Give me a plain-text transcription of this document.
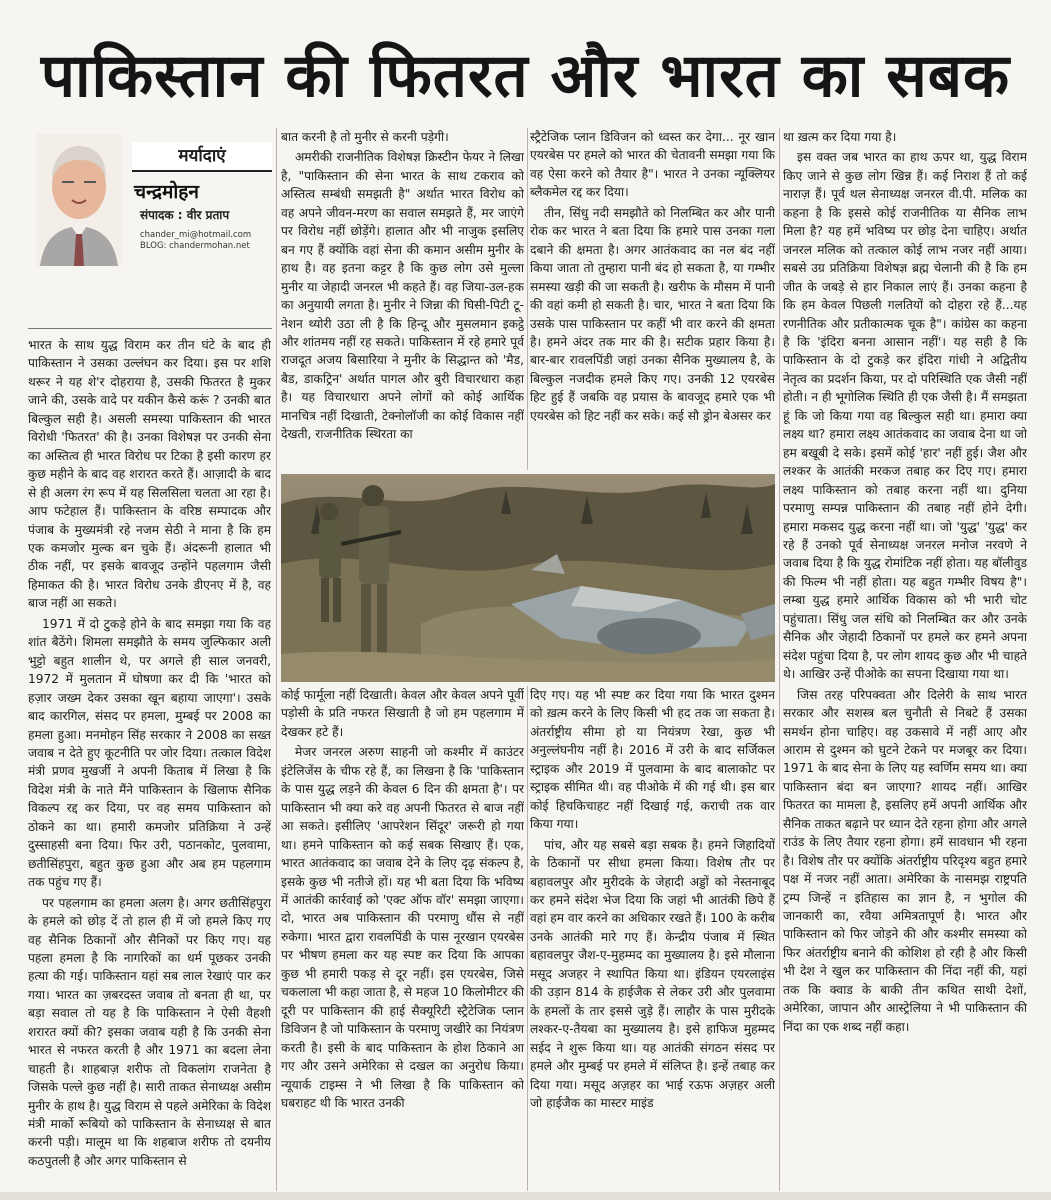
पाकिस्तान की फितरत और भारत का सबक
मर्यादाएं
चन्द्रमोहन
संपादक : वीर प्रताप
chander_mi@hotmail.com
BLOG: chandermohan.net

भारत के साथ युद्ध विराम कर तीन घंटे के बाद ही पाकिस्तान ने उसका उल्लंघन कर दिया। इस पर शशि थरूर ने यह शे'र दोहराया है, उसकी फितरत है मुकर जाने की, उसके वादे पर यकीन कैसे करूं ? उनकी बात बिल्कुल सही है। असली समस्या पाकिस्तान की भारत विरोधी 'फितरत' की है। उनका विशेषज्ञ पर उनकी सेना का अस्तित्व ही भारत विरोध पर टिका है इसी कारण हर कुछ महीने के बाद वह शरारत करते हैं। आज़ादी के बाद से ही अलग रंग रूप में यह सिलसिला चलता आ रहा है। आप फटेहाल हैं। पाकिस्तान के वरिष्ठ सम्पादक और पंजाब के मुख्यमंत्री रहे नजम सेठी ने माना है कि हम एक कमजोर मुल्क बन चुके हैं। अंदरूनी हालात भी ठीक नहीं, पर इसके बावजूद उन्होंने पहलगाम जैसी हिमाकत की है। भारत विरोध उनके डीएनए में है, वह बाज नहीं आ सकते।

1971 में दो टुकड़े होने के बाद समझा गया कि वह शांत बैठेंगे। शिमला समझौते के समय जुल्फिकार अली भुट्टो बहुत शालीन थे, पर अगले ही साल जनवरी, 1972 में मुलतान में घोषणा कर दी कि 'भारत को हज़ार जख्म देकर उसका खून बहाया जाएगा'। उसके बाद कारगिल, संसद पर हमला, मुम्बई पर 2008 का हमला हुआ। मनमोहन सिंह सरकार ने 2008 का सख्त जवाब न देते हुए कूटनीति पर जोर दिया। तत्काल विदेश मंत्री प्रणव मुखर्जी ने अपनी किताब में लिखा है कि विदेश मंत्री के नाते मैंने पाकिस्तान के खिलाफ सैनिक विकल्प रद्द कर दिया, पर वह समय पाकिस्तान को ठोकने का था। हमारी कमजोर प्रतिक्रिया ने उन्हें दुस्साहसी बना दिया। फिर उरी, पठानकोट, पुलवामा, छतीसिंहपुरा, बहुत कुछ हुआ और अब हम पहलगाम तक पहुंच गए हैं।

पर पहलगाम का हमला अलग है। अगर छतीसिंहपुरा के हमले को छोड़ दें तो हाल ही में जो हमले किए गए वह सैनिक ठिकानों और सैनिकों पर किए गए। यह पहला हमला है कि नागरिकों का धर्म पूछकर उनकी हत्या की गई। पाकिस्तान यहां सब लाल रेखाएं पार कर गया। भारत का ज़बरदस्त जवाब तो बनता ही था, पर बड़ा सवाल तो यह है कि पाकिस्तान ने ऐसी वैहशी शरारत क्यों की? इसका जवाब यही है कि उनकी सेना भारत से नफरत करती है और 1971 का बदला लेना चाहती है। शाहबाज़ शरीफ तो विकलांग राजनेता है जिसके पल्ले कुछ नहीं है। सारी ताकत सेनाध्यक्ष असीम मुनीर के हाथ है। युद्ध विराम से पहले अमेरिका के विदेश मंत्री मार्को रूबियो को पाकिस्तान के सेनाध्यक्ष से बात करनी पड़ी। मालूम था कि शहबाज शरीफ तो दयनीय कठपुतली है और अगर पाकिस्तान से

बात करनी है तो मुनीर से करनी पड़ेगी।

अमरीकी राजनीतिक विशेषज्ञ क्रिस्टीन फेयर ने लिखा है, "पाकिस्तान की सेना भारत के साथ टकराव को अस्तित्व सम्बंधी समझती है" अर्थात भारत विरोध को वह अपने जीवन-मरण का सवाल समझते हैं, मर जाएंगे पर विरोध नहीं छोड़ेंगे। हालात और भी नाजुक इसलिए बन गए हैं क्योंकि वहां सेना की कमान असीम मुनीर के हाथ है। वह इतना कट्टर है कि कुछ लोग उसे मुल्ला मुनीर या जेहादी जनरल भी कहते हैं। वह जिया-उल-हक का अनुयायी लगता है। मुनीर ने जिन्ना की घिसी-पिटी टू-नेशन थ्योरी उठा ली है कि हिन्दू और मुसलमान इकट्ठे और शांतमय नहीं रह सकते। पाकिस्तान में रहे हमारे पूर्व राजदूत अजय बिसारिया ने मुनीर के सिद्धान्त को 'मैड, बैड, डाकट्रिन' अर्थात पागल और बुरी विचारधारा कहा है। यह विचारधारा अपने लोगों को कोई आर्थिक मानचित्र नहीं दिखाती, टेक्नोलॉजी का कोई विकास नहीं देखती, राजनीतिक स्थिरता का

स्ट्रैटेजिक प्लान डिविजन को ध्वस्त कर देगा... नूर खान एयरबेस पर हमले को भारत की चेतावनी समझा गया कि वह ऐसा करने को तैयार है"। भारत ने उनका न्यूक्लियर ब्लैकमेल रद्द कर दिया।

तीन, सिंधु नदी समझौते को निलम्बित कर और पानी रोक कर भारत ने बता दिया कि हमारे पास उनका गला दबाने की क्षमता है। अगर आतंकवाद का नल बंद नहीं किया जाता तो तुम्हारा पानी बंद हो सकता है, या गम्भीर समस्या खड़ी की जा सकती है। खरीफ के मौसम में पानी की वहां कमी हो सकती है। चार, भारत ने बता दिया कि उसके पास पाकिस्तान पर कहीं भी वार करने की क्षमता है। हमने अंदर तक मार की है। सटीक प्रहार किया है। बार-बार रावलपिंडी जहां उनका सैनिक मुख्यालय है, के बिल्कुल नजदीक हमले किए गए। उनकी 12 एयरबेस हिट हुई हैं जबकि वह प्रयास के बावजूद हमारे एक भी एयरबेस को हिट नहीं कर सके। कई सौ ड्रोन बेअसर कर

कोई फार्मूला नहीं दिखाती। केवल और केवल अपने पूर्वी पड़ोसी के प्रति नफरत सिखाती है जो हम पहलगाम में देखकर हटे हैं।

मेजर जनरल अरुण साहनी जो कश्मीर में काउंटर इंटेलिजेंस के चीफ रहे हैं, का लिखना है कि 'पाकिस्तान के पास युद्ध लड़ने की केवल 6 दिन की क्षमता है'। पर पाकिस्तान भी क्या करे वह अपनी फितरत से बाज नहीं आ सकते। इसीलिए 'आपरेशन सिंदूर' जरूरी हो गया था। हमने पाकिस्तान को कई सबक सिखाए हैं। एक, भारत आतंकवाद का जवाब देने के लिए दृढ़ संकल्प है, इसके कुछ भी नतीजे हों। यह भी बता दिया कि भविष्य में आतंकी कार्रवाई को 'एक्ट ऑफ वॉर' समझा जाएगा। दो, भारत अब पाकिस्तान की परमाणु धौंस से नहीं रुकेगा। भारत द्वारा रावलपिंडी के पास नूरखान एयरबेस पर भीषण हमला कर यह स्पष्ट कर दिया कि आपका कुछ भी हमारी पकड़ से दूर नहीं। इस एयरबेस, जिसे चकलाला भी कहा जाता है, से महज 10 किलोमीटर की दूरी पर पाकिस्तान की हाई सैक्यूरिटी स्ट्रैटेजिक प्लान डिविजन है जो पाकिस्तान के परमाणु जखीरे का नियंत्रण करती है। इसी के बाद पाकिस्तान के होश ठिकाने आ गए और उसने अमेरिका से दखल का अनुरोध किया। न्यूयार्क टाइम्स ने भी लिखा है कि पाकिस्तान को घबराहट थी कि भारत उनकी

दिए गए। यह भी स्पष्ट कर दिया गया कि भारत दुश्मन को ख़त्म करने के लिए किसी भी हद तक जा सकता है। अंतर्राष्ट्रीय सीमा हो या नियंत्रण रेखा, कुछ भी अनुल्लंघनीय नहीं है। 2016 में उरी के बाद सर्जिकल स्ट्राइक और 2019 में पुलवामा के बाद बालाकोट पर स्ट्राइक सीमित थी। वह पीओके में की गई थी। इस बार कोई हिचकिचाहट नहीं दिखाई गई, कराची तक वार किया गया।

पांच, और यह सबसे बड़ा सबक है। हमने जिहादियों के ठिकानों पर सीधा हमला किया। विशेष तौर पर बहावलपुर और मुरीदके के जेहादी अड्डों को नेस्तनाबूद कर हमने संदेश भेज दिया कि जहां भी आतंकी छिपे हैं वहां हम वार करने का अधिकार रखते हैं। 100 के करीब उनके आतंकी मारे गए हैं। केन्द्रीय पंजाब में स्थित बहावलपुर जैश-ए-मुहम्मद का मुख्यालय है। इसे मौलाना मसूद अजहर ने स्थापित किया था। इंडियन एयरलाइंस की उड़ान 814 के हाईजैक से लेकर उरी और पुलवामा के हमलों के तार इससे जुड़े हैं। लाहौर के पास मुरीदके लश्कर-ए-तैयबा का मुख्यालय है। इसे हाफिज मुहम्मद सईद ने शुरू किया था। यह आतंकी संगठन संसद पर हमले और मुम्बई पर हमले में संलिप्त है। इन्हें तबाह कर दिया गया। मसूद अज़हर का भाई रऊफ अज़हर अली जो हाईजैक का मास्टर माइंड

था ख़त्म कर दिया गया है।

इस वक्त जब भारत का हाथ ऊपर था, युद्ध विराम किए जाने से कुछ लोग खिन्न हैं। कई निराश हैं तो कई नाराज़ हैं। पूर्व थल सेनाध्यक्ष जनरल वी.पी. मलिक का कहना है कि इससे कोई राजनीतिक या सैनिक लाभ मिला है? यह हमें भविष्य पर छोड़ देना चाहिए। अर्थात जनरल मलिक को तत्काल कोई लाभ नजर नहीं आया। सबसे उग्र प्रतिक्रिया विशेषज्ञ ब्रह्म चेलानी की है कि हम जीत के जबड़े से हार निकाल लाएं हैं। उनका कहना है कि हम केवल पिछली गलतियों को दोहरा रहे हैं...यह रणनीतिक और प्रतीकात्मक चूक है"। कांग्रेस का कहना है कि 'इंदिरा बनना आसान नहीं'। यह सही है कि पाकिस्तान के दो टुकड़े कर इंदिरा गांधी ने अद्वितीय नेतृत्व का प्रदर्शन किया, पर दो परिस्थिति एक जैसी नहीं होती। न ही भूगोलिक स्थिति ही एक जैसी है। मैं समझता हूं कि जो किया गया वह बिल्कुल सही था। हमारा क्या लक्ष्य था? हमारा लक्ष्य आतंकवाद का जवाब देना था जो हम बखूबी दे सके। इसमें कोई 'हार' नहीं हुई। जैश और लश्कर के आतंकी मरकज तबाह कर दिए गए। हमारा लक्ष्य पाकिस्तान को तबाह करना नहीं था। दुनिया परमाणु सम्पन्न पाकिस्तान की तबाह नहीं होने देगी। हमारा मकसद युद्ध करना नहीं था। जो 'युद्ध' 'युद्ध' कर रहे हैं उनको पूर्व सेनाध्यक्ष जनरल मनोज नरवणे ने जवाब दिया है कि युद्ध रोमांटिक नहीं होता। यह बॉलीवुड की फिल्म भी नहीं होता। यह बहुत गम्भीर विषय है"। लम्बा युद्ध हमारे आर्थिक विकास को भी भारी चोट पहुंचाता। सिंधु जल संधि को निलम्बित कर और उनके सैनिक और जेहादी ठिकानों पर हमले कर हमने अपना संदेश पहुंचा दिया है, पर लोग शायद कुछ और भी चाहते थे। आखिर उन्हें पीओके का सपना दिखाया गया था।

जिस तरह परिपक्वता और दिलेरी के साथ भारत सरकार और सशस्त्र बल चुनौती से निबटे हैं उसका समर्थन होना चाहिए। वह उकसावे में नहीं आए और आराम से दुश्मन को घुटने टेकने पर मजबूर कर दिया। 1971 के बाद सेना के लिए यह स्वर्णिम समय था। क्या पाकिस्तान बंदा बन जाएगा? शायद नहीं। आखिर फितरत का मामला है, इसलिए हमें अपनी आर्थिक और सैनिक ताकत बढ़ाने पर ध्यान देते रहना होगा और अगले राउंड के लिए तैयार रहना होगा। हमें सावधान भी रहना है। विशेष तौर पर क्योंकि अंतर्राष्ट्रीय परिदृश्य बहुत हमारे पक्ष में नजर नहीं आता। अमेरिका के नासमझ राष्ट्रपति ट्रम्प जिन्हें न इतिहास का ज्ञान है, न भुगोल की जानकारी का, रवैया अमित्रतापूर्ण है। भारत और पाकिस्तान को फिर जोड़ने की और कश्मीर समस्या को फिर अंतर्राष्ट्रीय बनाने की कोशिश हो रही है और किसी भी देश ने खुल कर पाकिस्तान की निंदा नहीं की, यहां तक कि क्वाड के बाकी तीन कथित साथी देशों, अमेरिका, जापान और आस्ट्रेलिया ने भी पाकिस्तान की निंदा का एक शब्द नहीं कहा।
